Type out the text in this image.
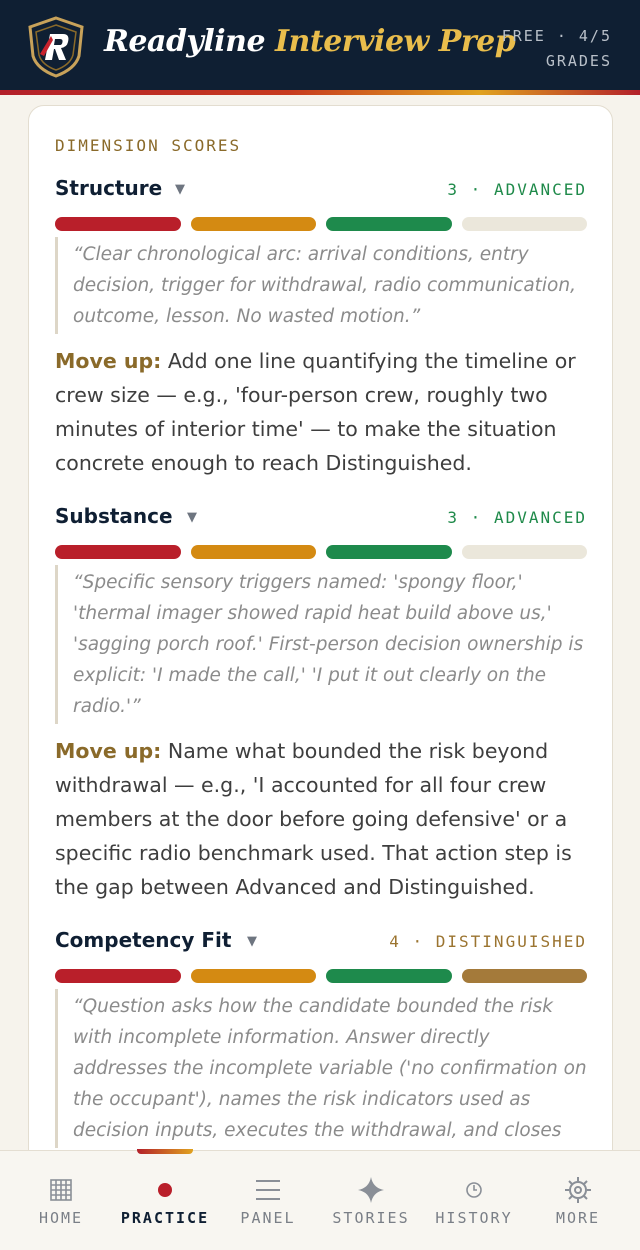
Readyline Interview Prep
FREE · 4/5
GRADES
DIMENSION SCORES
Structure ▼	3 · ADVANCED
“Clear chronological arc: arrival conditions, entry decision, trigger for withdrawal, radio communication, outcome, lesson. No wasted motion.”
Move up: Add one line quantifying the timeline or crew size — e.g., 'four-person crew, roughly two minutes of interior time' — to make the situation concrete enough to reach Distinguished.
Substance ▼	3 · ADVANCED
“Specific sensory triggers named: 'spongy floor,' 'thermal imager showed rapid heat build above us,' 'sagging porch roof.' First-person decision ownership is explicit: 'I made the call,' 'I put it out clearly on the radio.'”
Move up: Name what bounded the risk beyond withdrawal — e.g., 'I accounted for all four crew members at the door before going defensive' or a specific radio benchmark used. That action step is the gap between Advanced and Distinguished.
Competency Fit ▼	4 · DISTINGUISHED
“Question asks how the candidate bounded the risk with incomplete information. Answer directly addresses the incomplete variable ('no confirmation on the occupant'), names the risk indicators used as decision inputs, executes the withdrawal, and closes
HOME	PRACTICE	PANEL	STORIES	HISTORY	MORE
